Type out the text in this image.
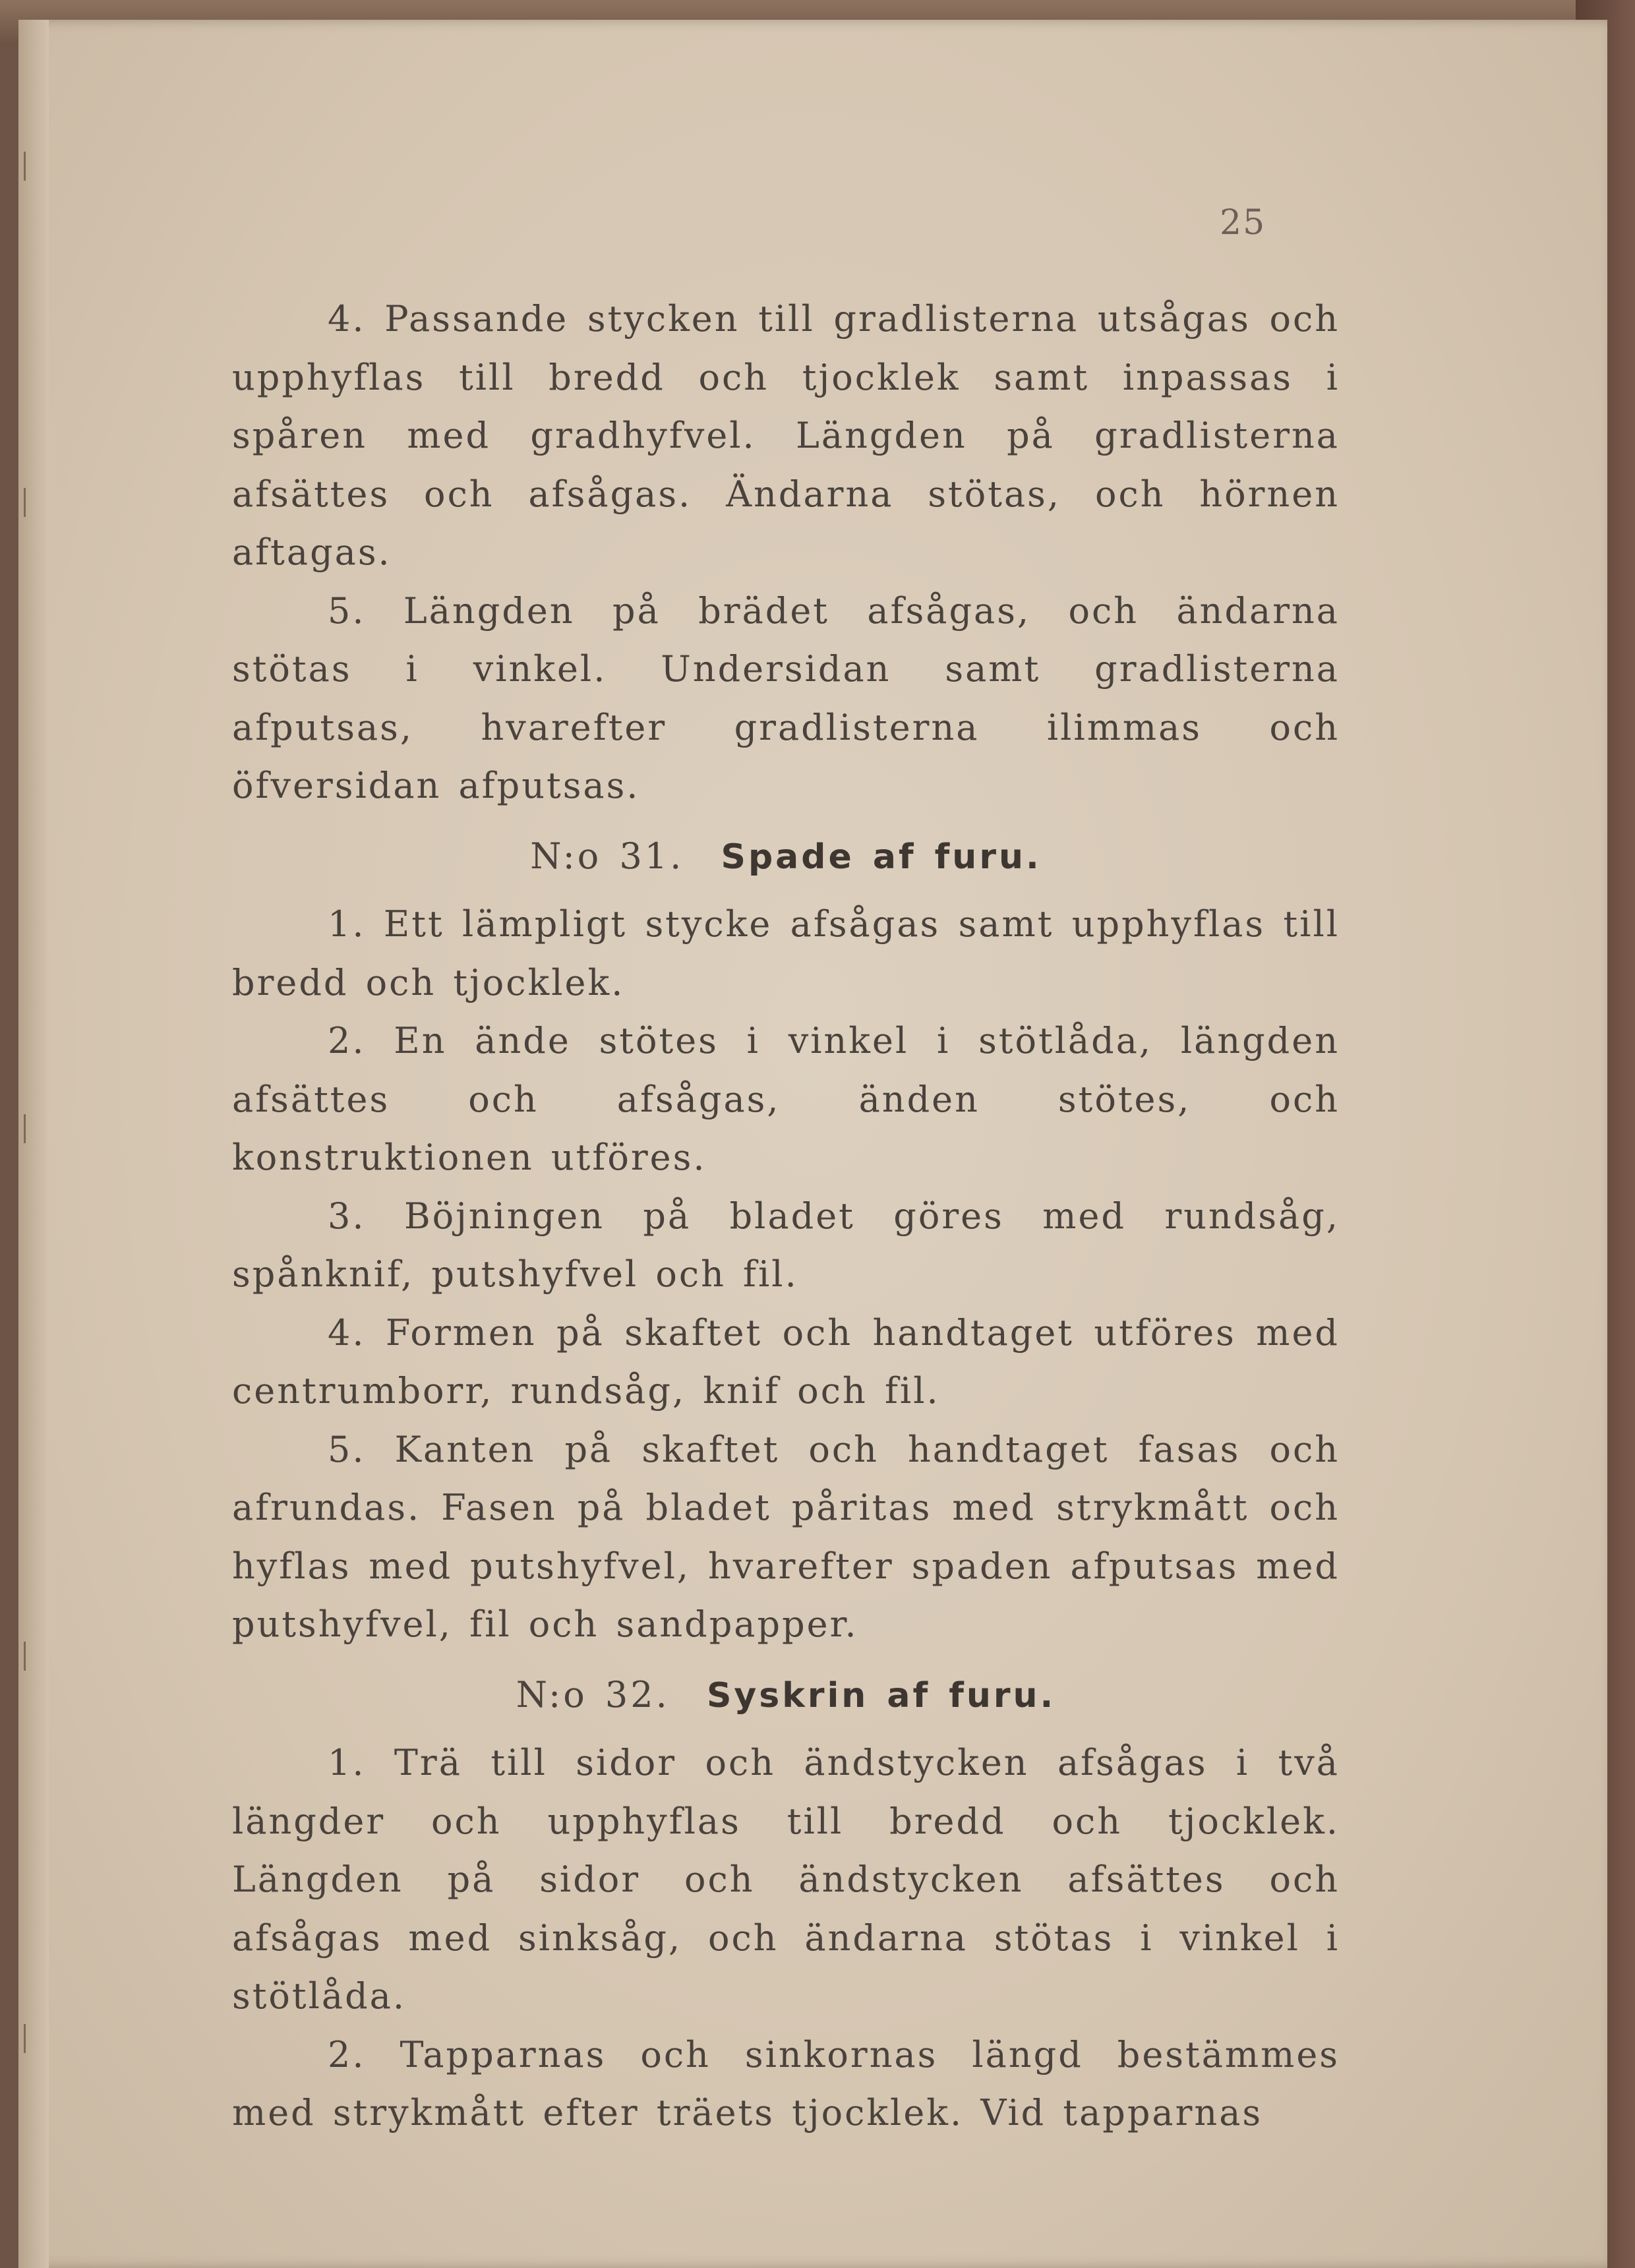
25

4. Passande stycken till gradlisterna utsågas och upphyflas till bredd och tjocklek samt inpassas i spåren med gradhyfvel. Längden på gradlisterna afsättes och afsågas. Ändarna stötas, och hörnen aftagas.

5. Längden på brädet afsågas, och ändarna stötas i vinkel. Undersidan samt gradlisterna afputsas, hvarefter gradlisterna ilimmas och öfversidan afputsas.

N:o 31. Spade af furu.

1. Ett lämpligt stycke afsågas samt upphyflas till bredd och tjocklek.

2. En ände stötes i vinkel i stötlåda, längden afsättes och afsågas, änden stötes, och konstruktionen utföres.

3. Böjningen på bladet göres med rundsåg, spånknif, putshyfvel och fil.

4. Formen på skaftet och handtaget utföres med centrumborr, rundsåg, knif och fil.

5. Kanten på skaftet och handtaget fasas och afrundas. Fasen på bladet påritas med strykmått och hyflas med putshyfvel, hvarefter spaden afputsas med putshyfvel, fil och sandpapper.

N:o 32. Syskrin af furu.

1. Trä till sidor och ändstycken afsågas i två längder och upphyflas till bredd och tjocklek. Längden på sidor och ändstycken afsättes och afsågas med sinksåg, och ändarna stötas i vinkel i stötlåda.

2. Tapparnas och sinkornas längd bestämmes med strykmått efter träets tjocklek. Vid tapparnas
